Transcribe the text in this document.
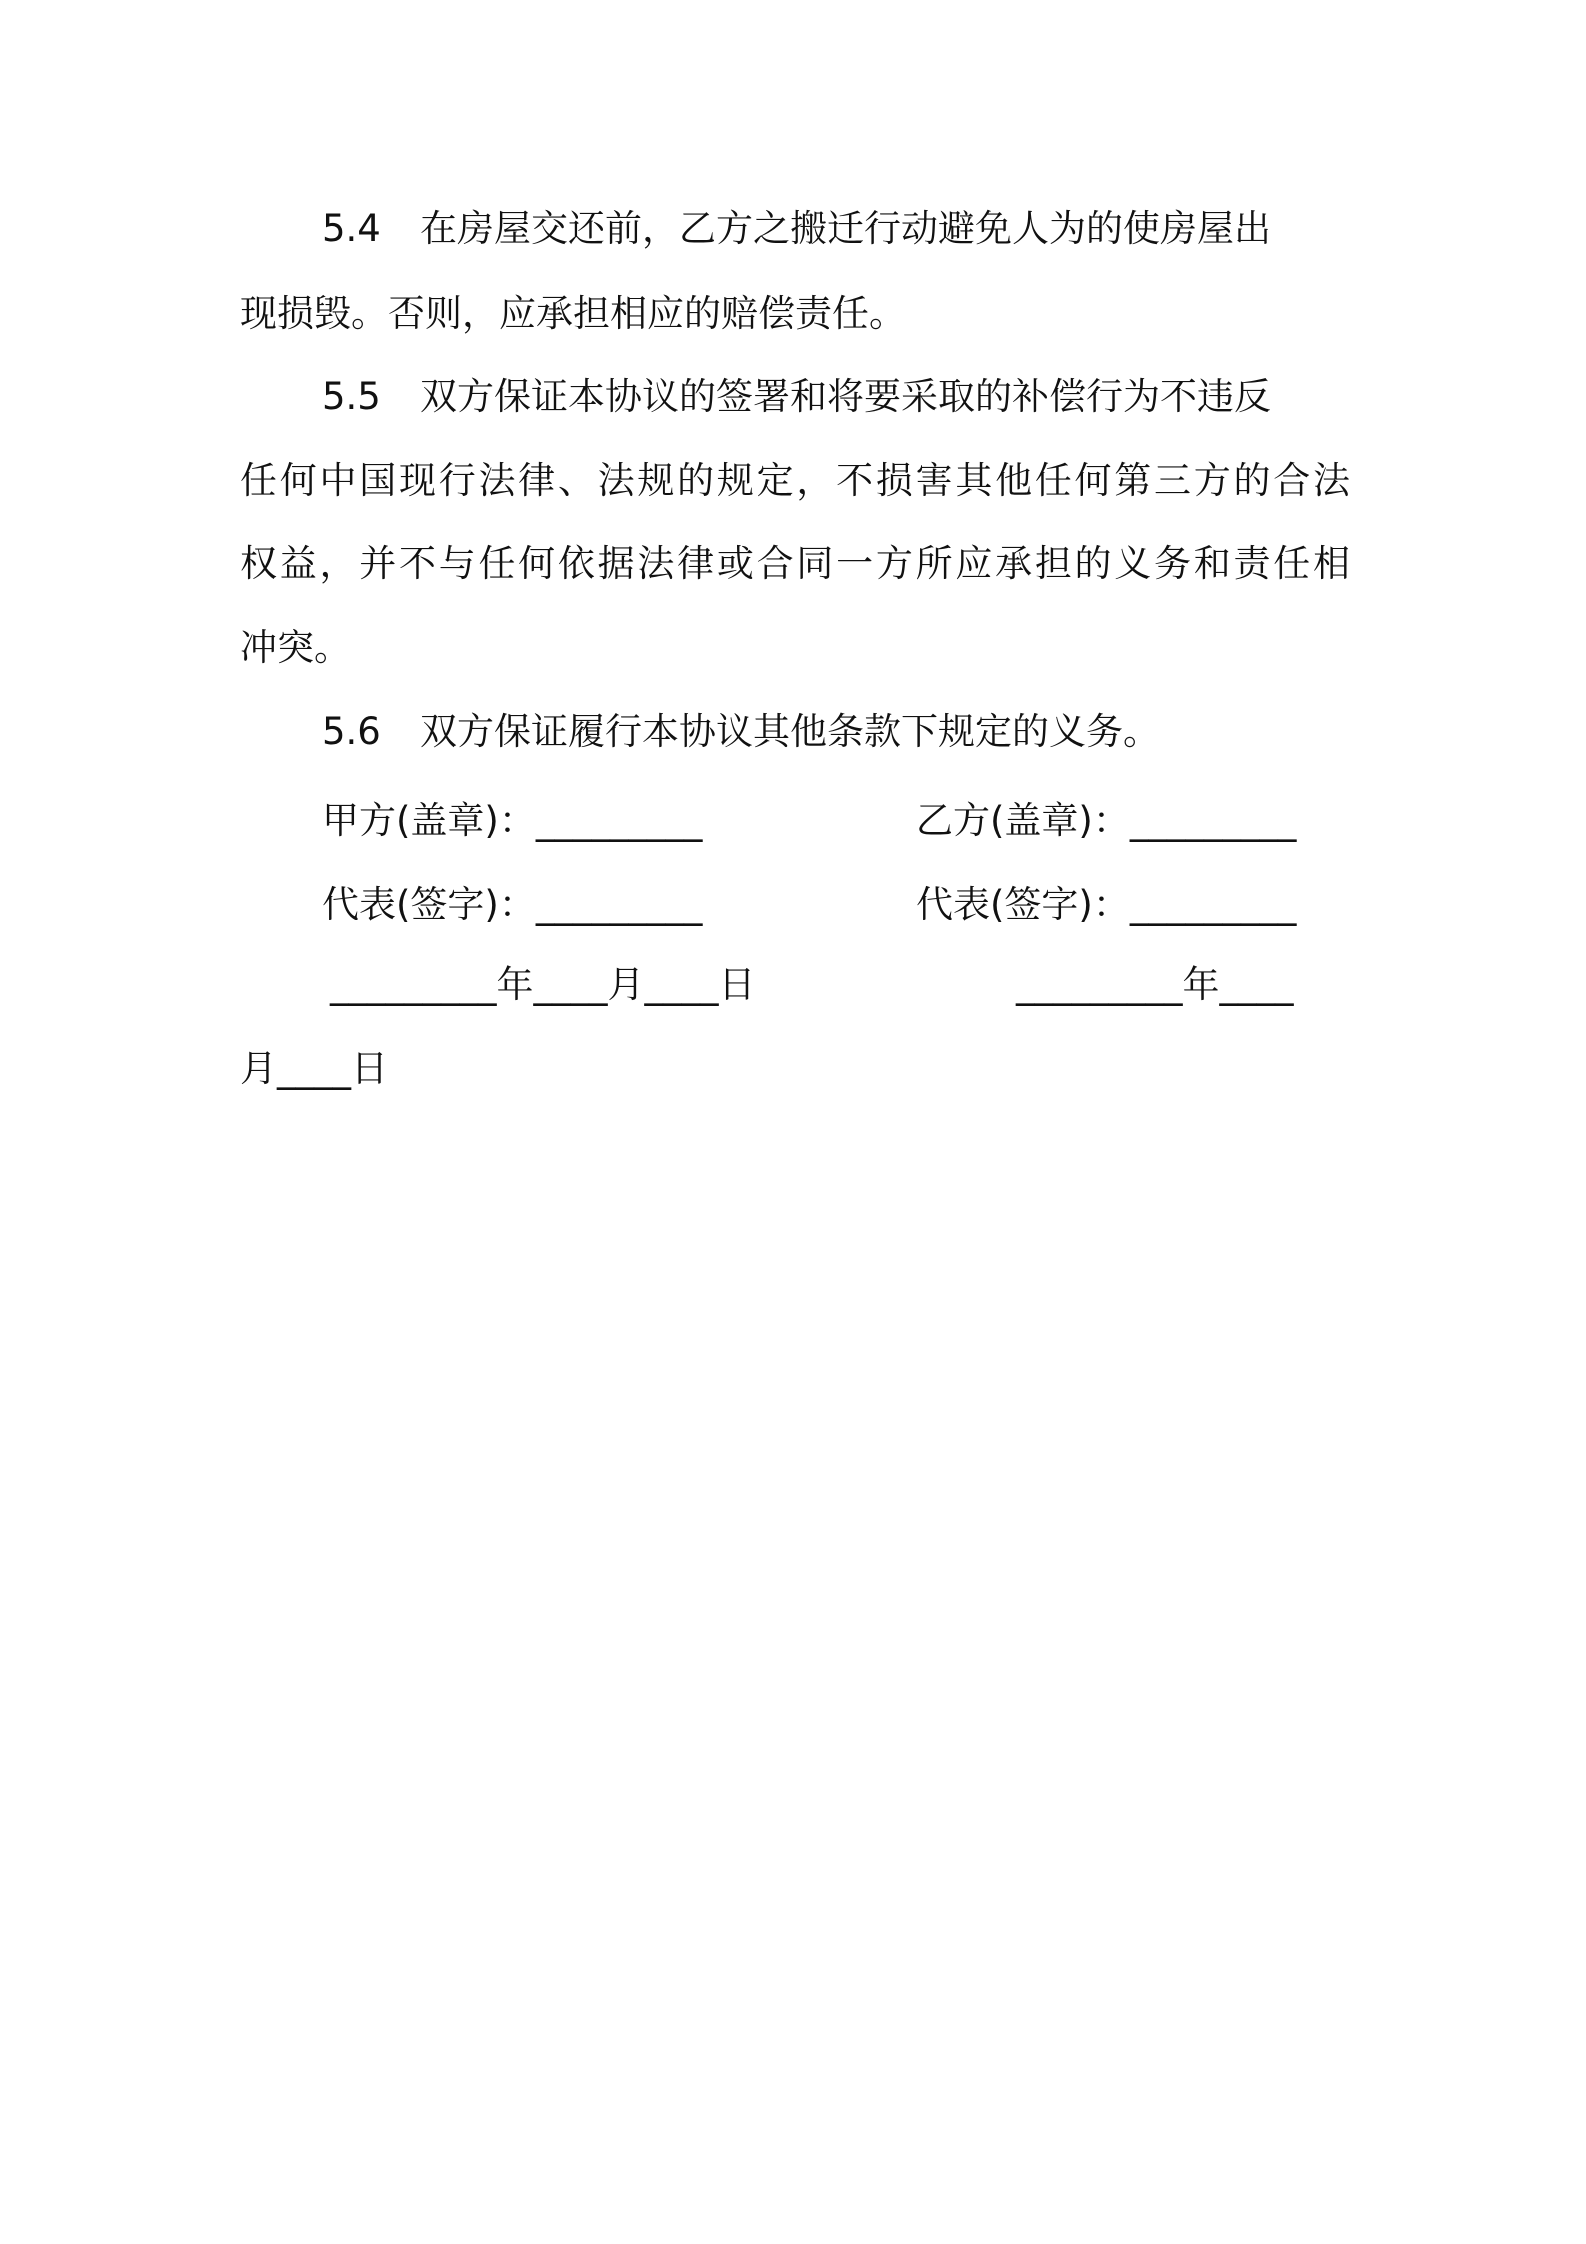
5.4 在房屋交还前，乙方之搬迁行动避免人为的使房屋出
现损毁。否则，应承担相应的赔偿责任。
5.5 双方保证本协议的签署和将要采取的补偿行为不违反
任何中国现行法律、法规的规定，不损害其他任何第三方的合法
权益，并不与任何依据法律或合同一方所应承担的义务和责任相
冲突。
5.6 双方保证履行本协议其他条款下规定的义务。
甲方(盖章)：_________	乙方(盖章)：_________
代表(签字)：_________	代表(签字)：_________
_________年____月____日	_________年____
月____日
